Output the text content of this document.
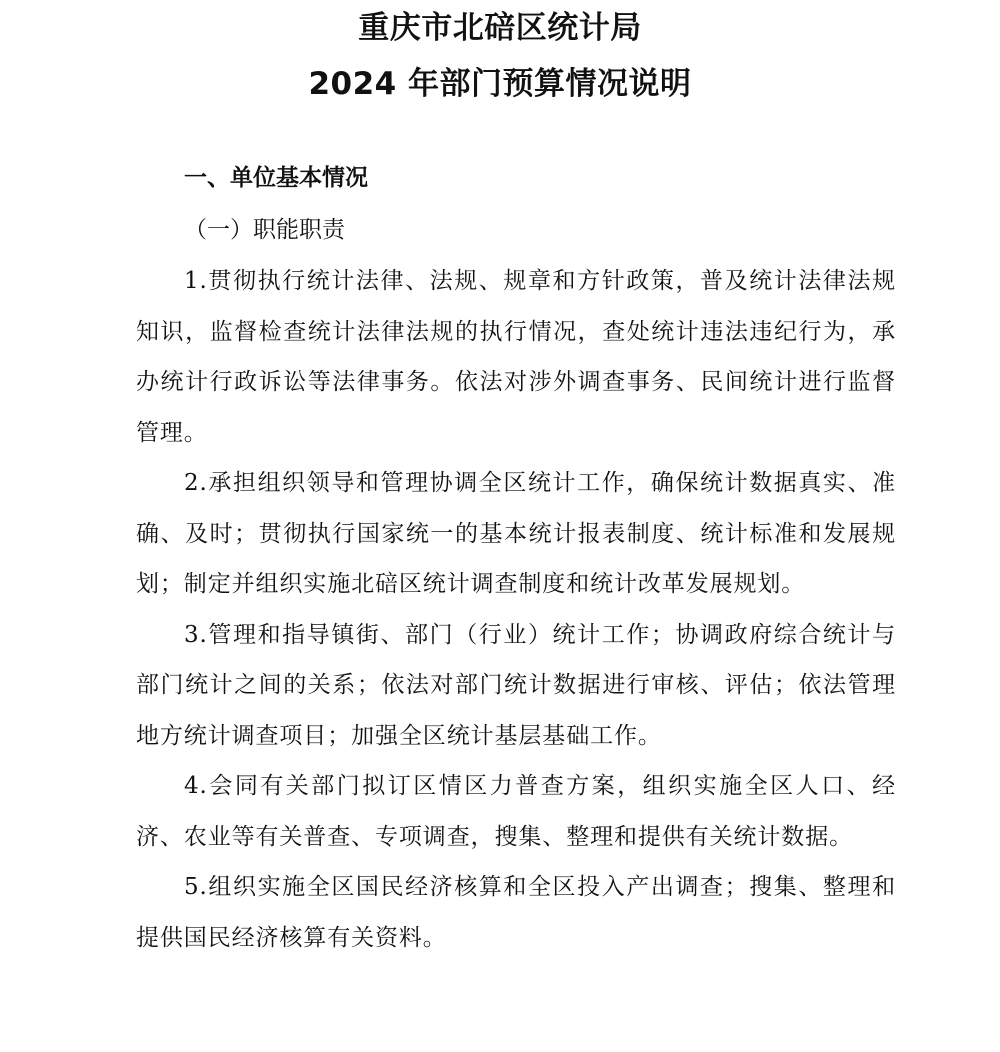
重庆市北碚区统计局
2024 年部门预算情况说明

一、单位基本情况

（一）职能职责

1.贯彻执行统计法律、法规、规章和方针政策，普及统计法律法规知识，监督检查统计法律法规的执行情况，查处统计违法违纪行为，承办统计行政诉讼等法律事务。依法对涉外调查事务、民间统计进行监督管理。

2.承担组织领导和管理协调全区统计工作，确保统计数据真实、准确、及时；贯彻执行国家统一的基本统计报表制度、统计标准和发展规划；制定并组织实施北碚区统计调查制度和统计改革发展规划。

3.管理和指导镇街、部门（行业）统计工作；协调政府综合统计与部门统计之间的关系；依法对部门统计数据进行审核、评估；依法管理地方统计调查项目；加强全区统计基层基础工作。

4.会同有关部门拟订区情区力普查方案，组织实施全区人口、经济、农业等有关普查、专项调查，搜集、整理和提供有关统计数据。

5.组织实施全区国民经济核算和全区投入产出调查；搜集、整理和提供国民经济核算有关资料。
